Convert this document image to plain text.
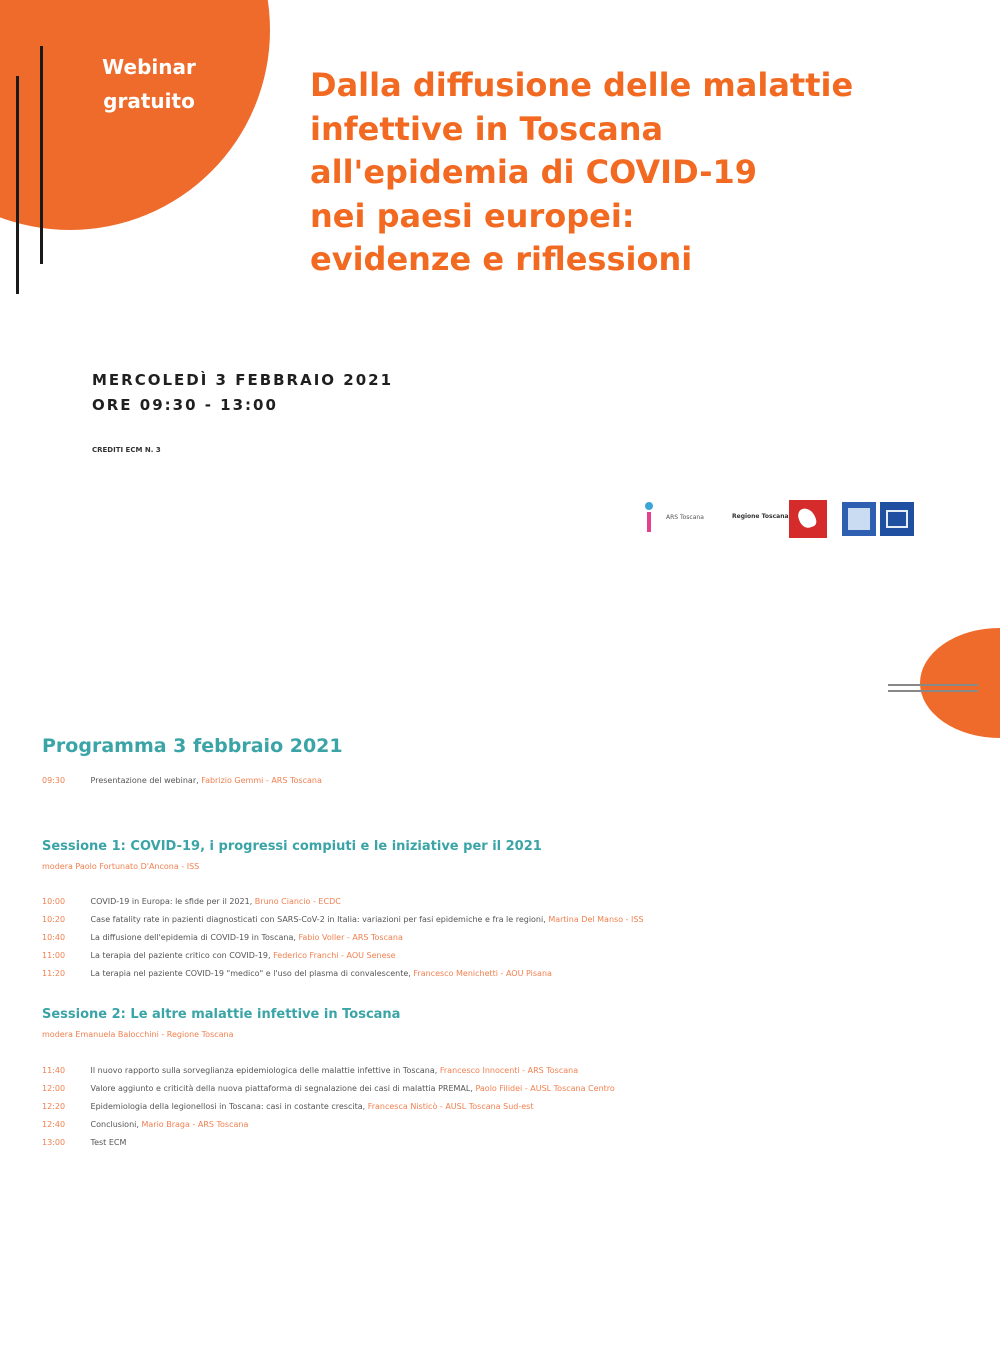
Webinar
gratuito	Dalla diffusione delle malattie
infettive in Toscana
all'epidemia di COVID-19
nei paesi europei:
evidenze e riflessioni
MERCOLEDÌ 3 FEBBRAIO 2021
ORE 09:30 - 13:00
CREDITI ECM N. 3
ARS Toscana	Regione Toscana
Programma 3 febbraio 2021
09:30	Presentazione del webinar, Fabrizio Gemmi - ARS Toscana
Sessione 1: COVID-19, i progressi compiuti e le iniziative per il 2021
modera Paolo Fortunato D'Ancona - ISS
10:00	COVID-19 in Europa: le sfide per il 2021, Bruno Ciancio - ECDC
10:20	Case fatality rate in pazienti diagnosticati con SARS-CoV-2 in Italia: variazioni per fasi epidemiche e fra le regioni, Martina Del Manso - ISS
10:40	La diffusione dell'epidemia di COVID-19 in Toscana, Fabio Voller - ARS Toscana
11:00	La terapia del paziente critico con COVID-19, Federico Franchi - AOU Senese
11:20	La terapia nel paziente COVID-19 "medico" e l'uso del plasma di convalescente, Francesco Menichetti - AOU Pisana
Sessione 2: Le altre malattie infettive in Toscana
modera Emanuela Balocchini - Regione Toscana
11:40	Il nuovo rapporto sulla sorveglianza epidemiologica delle malattie infettive in Toscana, Francesco Innocenti - ARS Toscana
12:00	Valore aggiunto e criticità della nuova piattaforma di segnalazione dei casi di malattia PREMAL, Paolo Filidei - AUSL Toscana Centro
12:20	Epidemiologia della legionellosi in Toscana: casi in costante crescita, Francesca Nisticò - AUSL Toscana Sud-est
12:40	Conclusioni, Mario Braga - ARS Toscana
13:00	Test ECM
